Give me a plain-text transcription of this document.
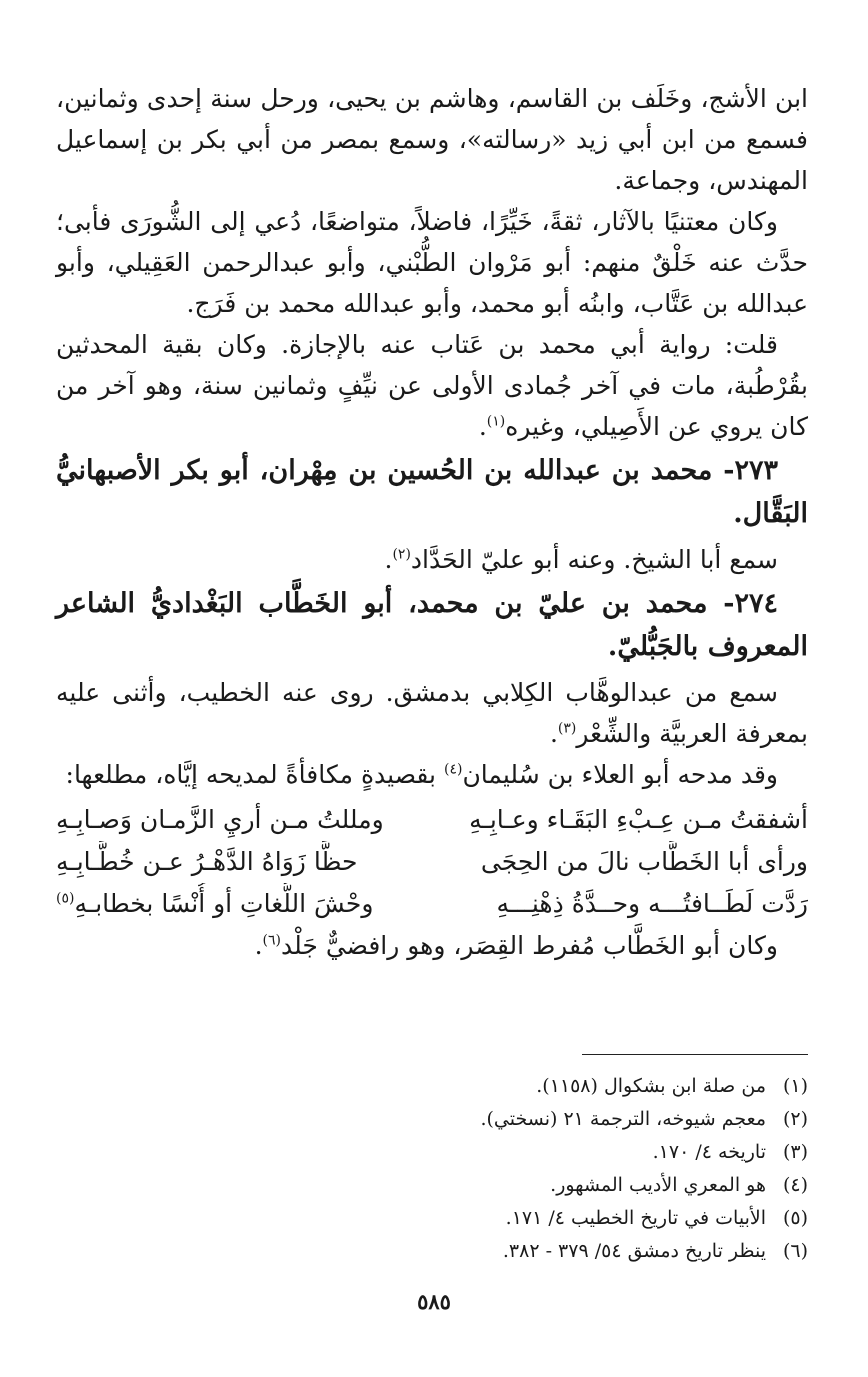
ابن الأشج، وخَلَف بن القاسم، وهاشم بن يحيى، ورحل سنة إحدى وثمانين، فسمع من ابن أبي زيد «رسالته»، وسمع بمصر من أبي بكر بن إسماعيل المهندس، وجماعة.

وكان معتنيًا بالآثار، ثقةً، خَيِّرًا، فاضلاً، متواضعًا، دُعي إلى الشُّورَى فأبى؛ حدَّث عنه خَلْقٌ منهم: أبو مَرْوان الطُّبْني، وأبو عبدالرحمن العَقِيلي، وأبو عبدالله بن عَتَّاب، وابنُه أبو محمد، وأبو عبدالله محمد بن فَرَج.

قلت: رواية أبي محمد بن عَتاب عنه بالإجازة. وكان بقية المحدثين بقُرْطُبة، مات في آخر جُمادى الأولى عن نيِّفٍ وثمانين سنة، وهو آخر من كان يروي عن الأَصِيلي، وغيره$^{(١)}$.

٢٧٣- محمد بن عبدالله بن الحُسين بن مِهْران، أبو بكر الأصبهانيُّ البَقَّال.

سمع أبا الشيخ. وعنه أبو عليّ الحَدَّاد$^{(٢)}$.

٢٧٤- محمد بن عليّ بن محمد، أبو الخَطَّاب البَغْداديُّ الشاعر المعروف بالجَبُّليّ.

سمع من عبدالوهَّاب الكِلابي بدمشق. روى عنه الخطيب، وأثنى عليه بمعرفة العربيَّة والشِّعْر$^{(٣)}$.

وقد مدحه أبو العلاء بن سُليمان$^{(٤)}$ بقصيدةٍ مكافأةً لمديحه إيَّاه، مطلعها:

أشفقتُ مـن عِـبْءِ البَقَـاء وعـابِـهِ
ومللتُ مـن أريِ الزَّمـان وَصـابِـهِ
ورأى أبا الخَطَّاب نالَ من الحِجَى
حظًّا زَوَاهُ الدَّهْـرُ عـن خُطَّـابِـهِ
رَدَّت لَطَــافتُـــه وحــدَّةُ ذِهْنِـــهِ
وحْشَ اللُّغاتِ أو أُنْسًا بخطابـهِ$^{(٥)}$

وكان أبو الخَطَّاب مُفرط القِصَر، وهو رافضيٌّ جَلْد$^{(٦)}$.

(١)
من صلة ابن بشكوال (١١٥٨).
(٢)
معجم شيوخه، الترجمة ٢١ (نسختي).
(٣)
تاريخه ٤/ ١٧٠.
(٤)
هو المعري الأديب المشهور.
(٥)
الأبيات في تاريخ الخطيب ٤/ ١٧١.
(٦)
ينظر تاريخ دمشق ٥٤/ ٣٧٩ - ٣٨٢.
٥٨٥
